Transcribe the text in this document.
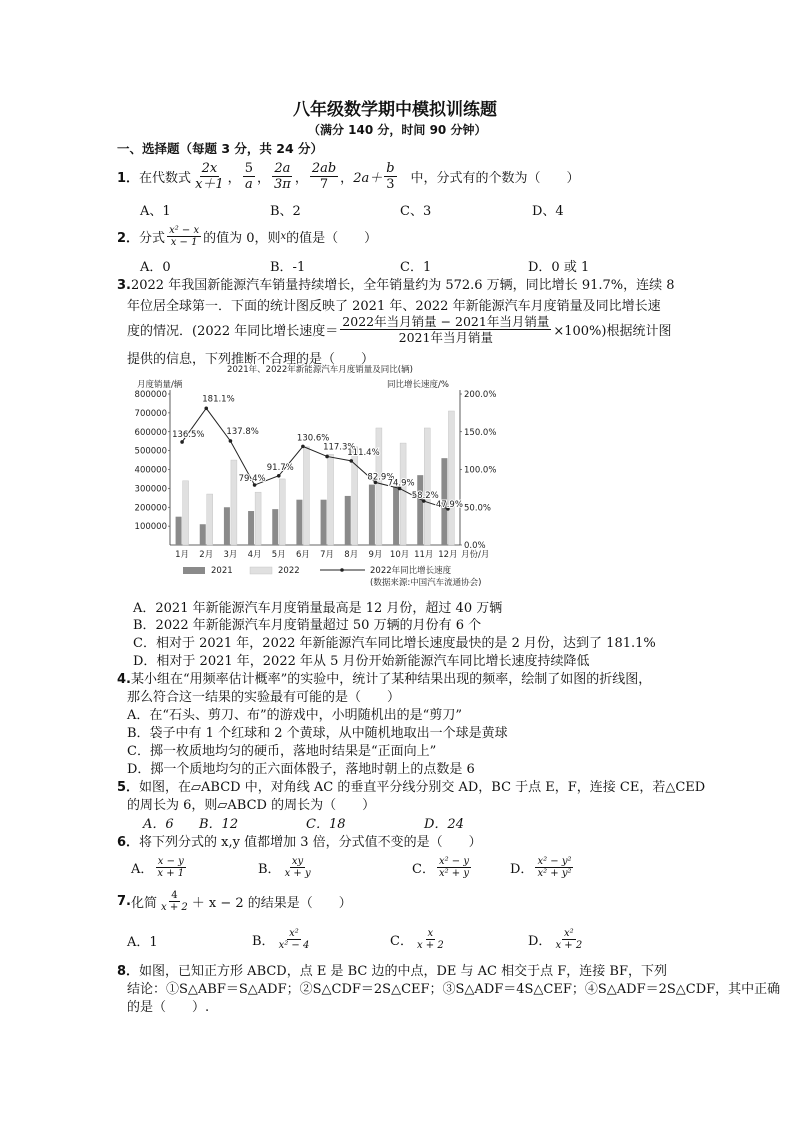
八年级数学期中模拟训练题
（满分 140 分，时间 90 分钟）
一、选择题（每题 3 分，共 24 分）
1． 在代数式 $\frac{2x}{x+1}$ ， $\frac{5}{a}$ ， $\frac{2a}{3\pi}$ ， $\frac{2ab}{7}$ ， $2a+ \frac{b}{3}$ 中，分式有的个数为（　　）
A、1	B、2	C、3	D、4
2． 分式 $\frac{\text{x² − x}}{x - 1}$ 的值为 0，则 x 的值是（　　）
A．0	B．-1	C．1	D．0 或 1
3.2022 年我国新能源汽车销量持续增长，全年销量约为 572.6 万辆，同比增长 91.7%，连续 8
年位居全球第一．下面的统计图反映了 2021 年、2022 年新能源汽车月度销量及同比增长速
度的情况．(2022 年同比增长速度＝ $\frac{\text{2022年当月销量 − 2021年当月销量}}{\text{2021年当月销量}} \times 100\%$)根据统计图
提供的信息，下列推断不合理的是（　　）
2021年、2022年新能源汽车月度销量及同比(辆)
月度销量/辆	同比增长速度/%
800000
700000
600000
500000
400000
300000
200000
100000
200.0%
150.0%
100.0%
50.0%
0.0%
1月 2月 3月 4月 5月 6月 7月 8月 9月 10月 11月 12月 月份/月
136.5%
181.1%
137.8%
79.4%
91.7%
130.6%
117.3%
111.4%
82.9%
74.9%
58.2%
47.9%
2021	2022	2022年同比增长速度
(数据来源:中国汽车流通协会)
A．2021 年新能源汽车月度销量最高是 12 月份，超过 40 万辆
B．2022 年新能源汽车月度销量超过 50 万辆的月份有 6 个
C．相对于 2021 年，2022 年新能源汽车同比增长速度最快的是 2 月份，达到了 181.1%
D．相对于 2021 年，2022 年从 5 月份开始新能源汽车同比增长速度持续降低
4.某小组在“用频率估计概率”的实验中，统计了某种结果出现的频率，绘制了如图的折线图，
那么符合这一结果的实验最有可能的是（　　）
A．在“石头、剪刀、布”的游戏中，小明随机出的是“剪刀”
B．袋子中有 1 个红球和 2 个黄球，从中随机地取出一个球是黄球
C．掷一枚质地均匀的硬币，落地时结果是“正面向上”
D．掷一个质地均匀的正六面体骰子，落地时朝上的点数是 6
5．如图，在▱ABCD 中，对角线 AC 的垂直平分线分别交 AD，BC 于点 E，F，连接 CE，若△CED
的周长为 6，则▱ABCD 的周长为（　　）
A．6 B．12	C．18	D．24
6．将下列分式的 x,y 值都增加 3 倍，分式值不变的是（　　）
A． $\frac{x - y}{x + 1}$	B． $\frac{xy}{x + y}$	C． $\frac{\text{x² − y}}{\text{x² + y}}$	D． $\frac{\text{x² − y²}}{\text{x² + y²}}$
7. 化简 $\frac{4}{x + 2} + x - 2$ 的结果是（　　）
A．1	B． $\frac{\text{x²}}{\text{x² − 4}}$	C． $\frac{x}{x + 2}$	D． $\frac{\text{x²}}{x + 2}$
8．如图，已知正方形 ABCD，点 E 是 BC 边的中点，DE 与 AC 相交于点 F，连接 BF，下列
结论：①S△ABF＝S△ADF；②S△CDF＝2S△CEF；③S△ADF＝4S△CEF；④S△ADF＝2S△CDF，其中正确
的是（　　）.
